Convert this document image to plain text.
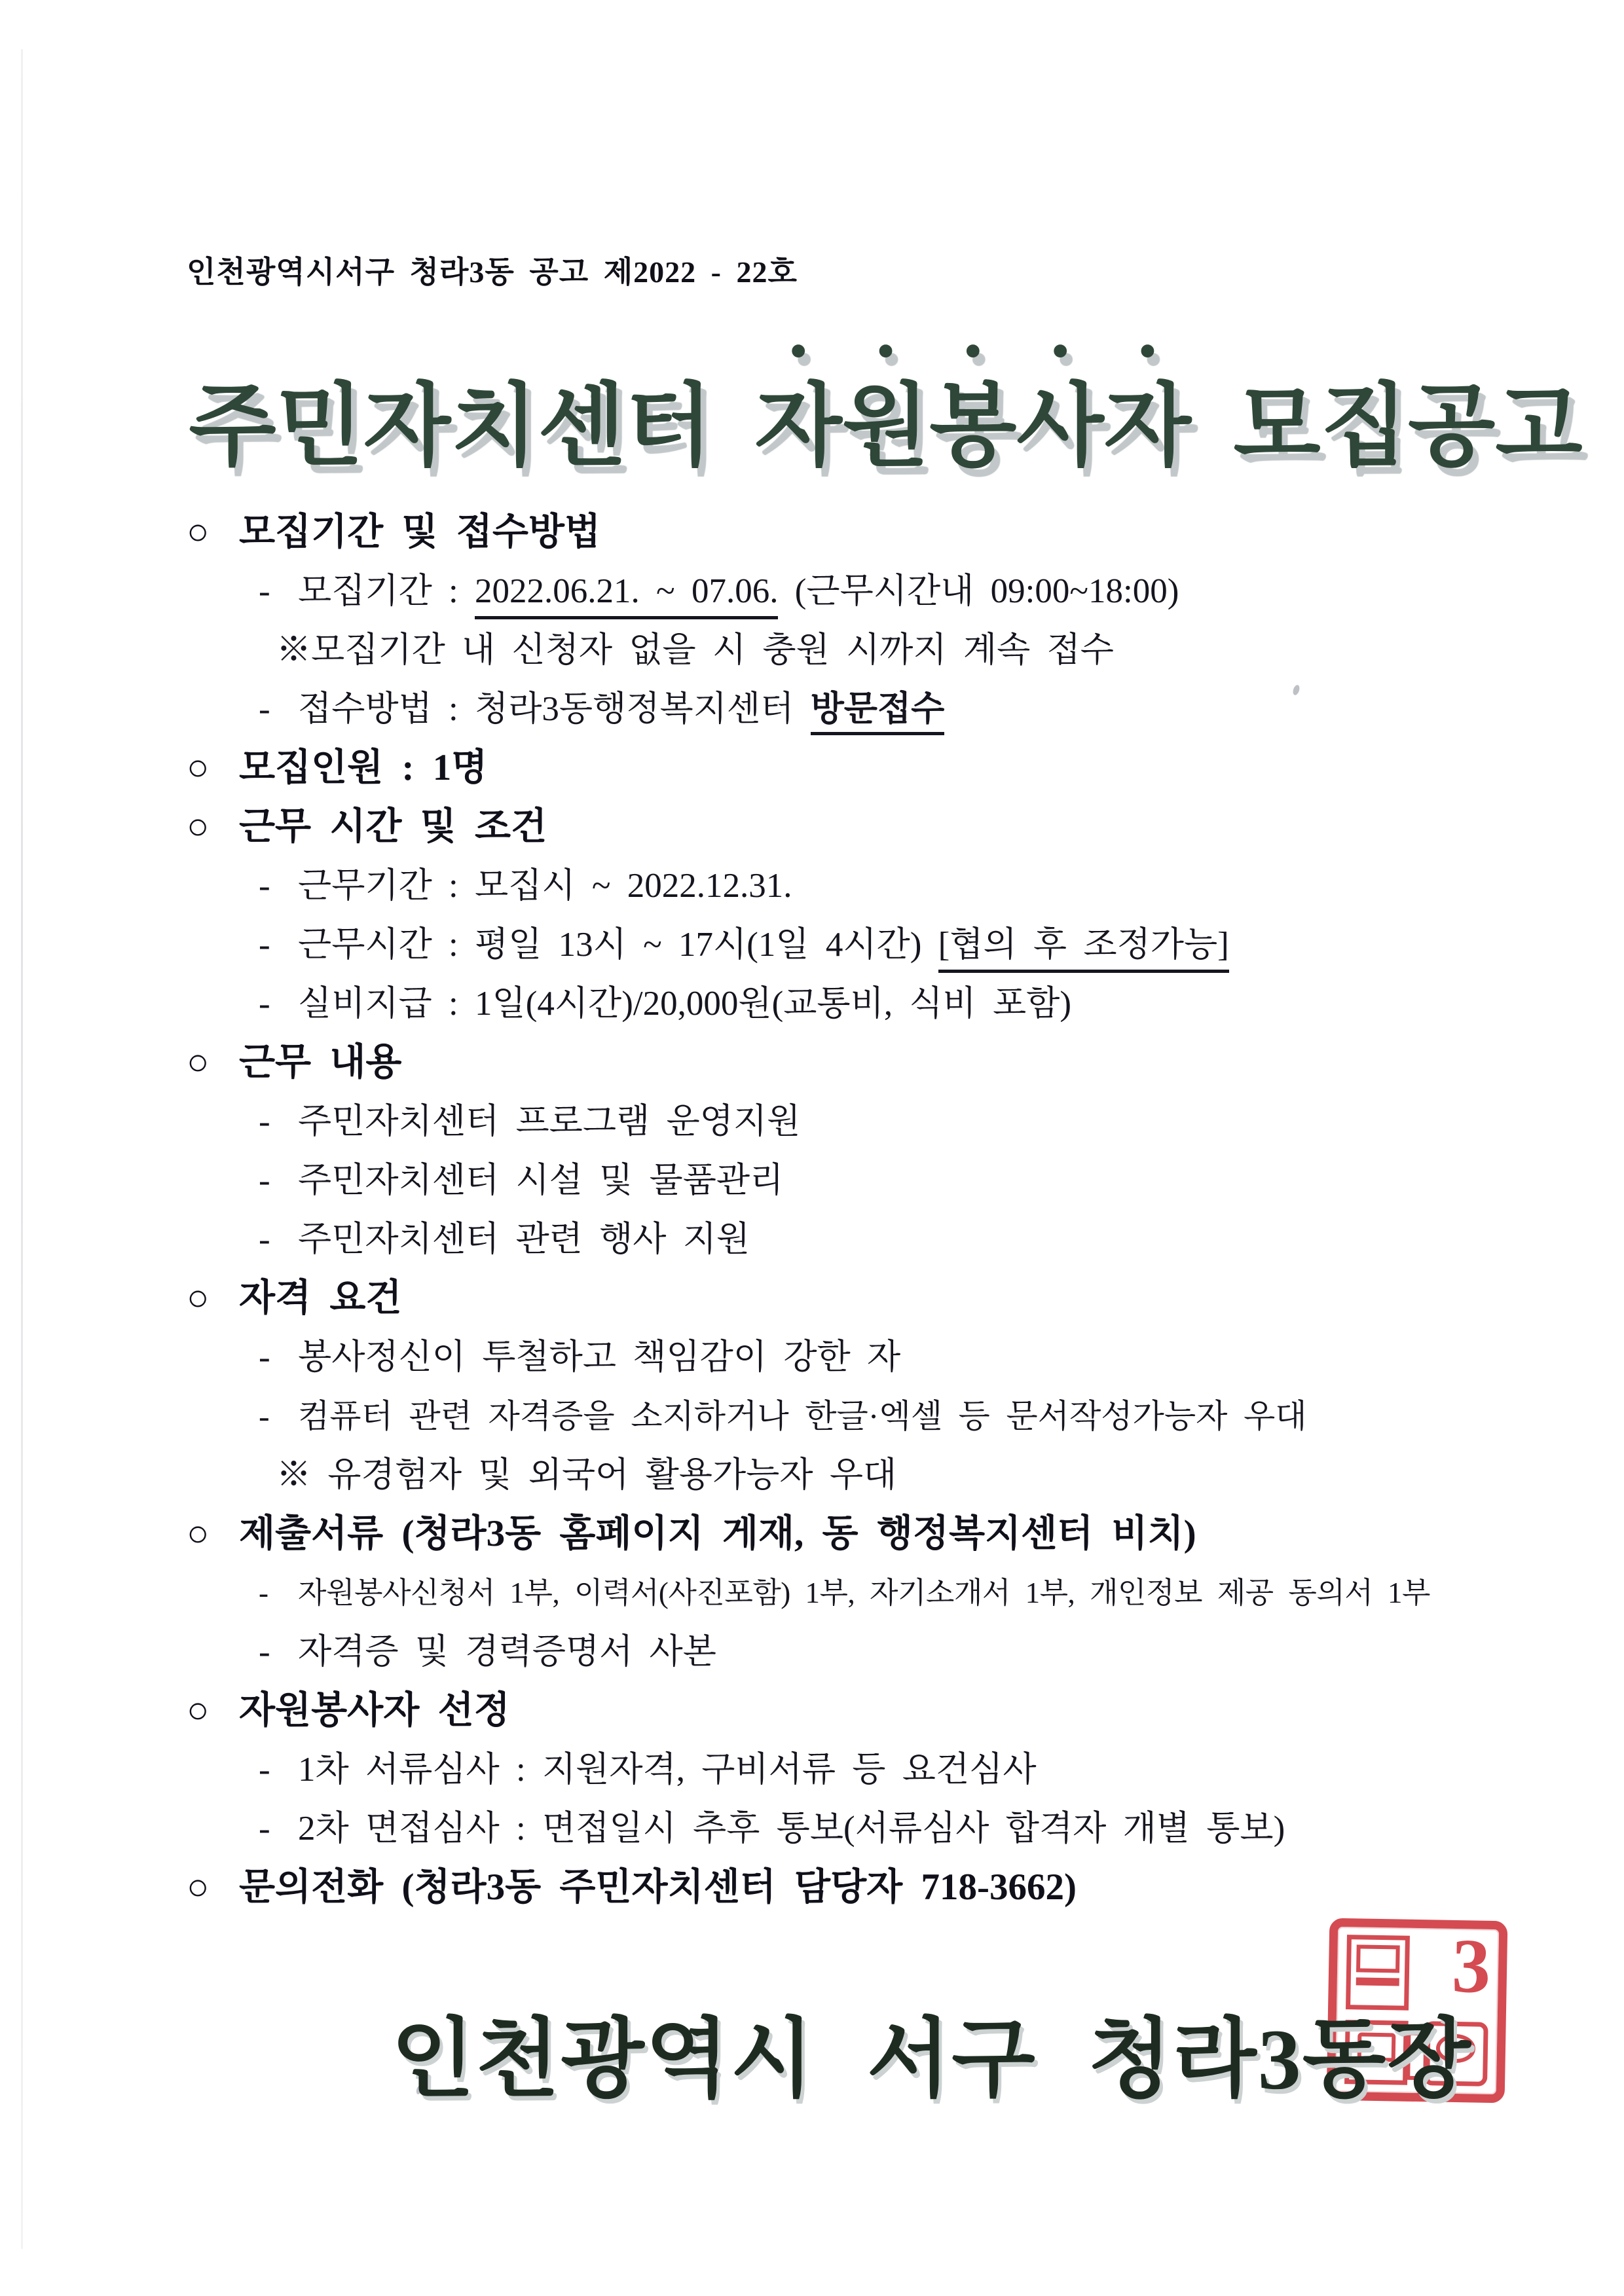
인천광역시서구 청라3동 공고 제2022 - 22호
주민자치센터 자원봉사자 모집공고
○ 모집기간 및 접수방법
- 모집기간 : 2022.06.21. ~ 07.06. (근무시간내 09:00~18:00)
※모집기간 내 신청자 없을 시 충원 시까지 계속 접수
- 접수방법 : 청라3동행정복지센터 방문접수
○ 모집인원 : 1명
○ 근무 시간 및 조건
- 근무기간 : 모집시 ~ 2022.12.31.
- 근무시간 : 평일 13시 ~ 17시(1일 4시간) [협의 후 조정가능]
- 실비지급 : 1일(4시간)/20,000원(교통비, 식비 포함)
○ 근무 내용
- 주민자치센터 프로그램 운영지원
- 주민자치센터 시설 및 물품관리
- 주민자치센터 관련 행사 지원
○ 자격 요건
- 봉사정신이 투철하고 책임감이 강한 자
- 컴퓨터 관련 자격증을 소지하거나 한글·엑셀 등 문서작성가능자 우대
※ 유경험자 및 외국어 활용가능자 우대
○ 제출서류 (청라3동 홈페이지 게재, 동 행정복지센터 비치)
- 자원봉사신청서 1부, 이력서(사진포함) 1부, 자기소개서 1부, 개인정보 제공 동의서 1부
- 자격증 및 경력증명서 사본
○ 자원봉사자 선정
- 1차 서류심사 : 지원자격, 구비서류 등 요건심사
- 2차 면접심사 : 면접일시 추후 통보(서류심사 합격자 개별 통보)
○ 문의전화 (청라3동 주민자치센터 담당자 718-3662)
인천광역시 서구 청라3동장
3
